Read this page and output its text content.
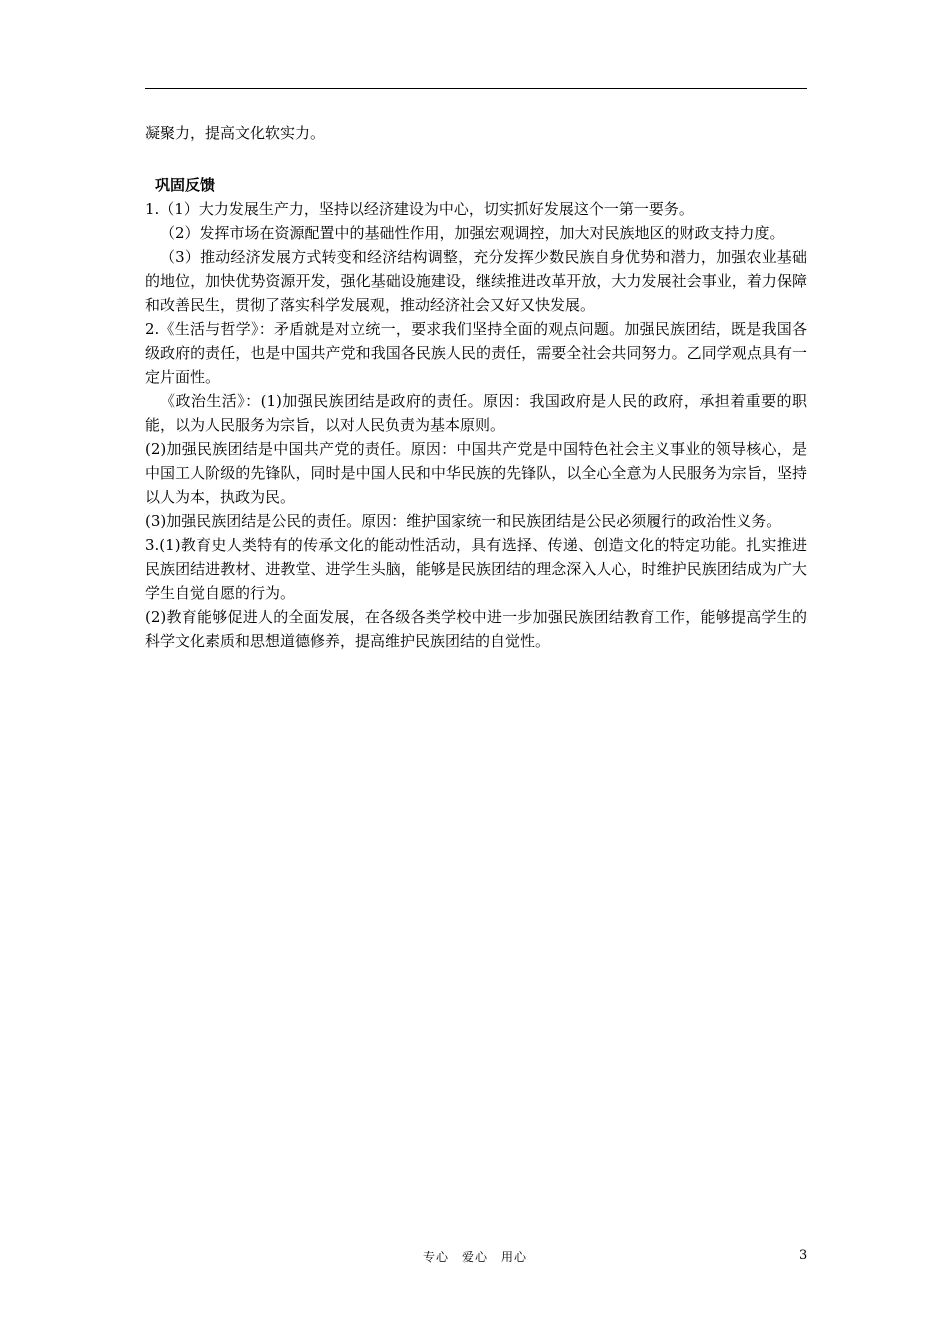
凝聚力，提高文化软实力。

巩固反馈

1.（1）大力发展生产力，坚持以经济建设为中心，切实抓好发展这个一第一要务。

（2）发挥市场在资源配置中的基础性作用，加强宏观调控，加大对民族地区的财政支持力度。

（3）推动经济发展方式转变和经济结构调整，充分发挥少数民族自身优势和潜力，加强农业基础的地位，加快优势资源开发，强化基础设施建设，继续推进改革开放，大力发展社会事业，着力保障和改善民生，贯彻了落实科学发展观，推动经济社会又好又快发展。

2.《生活与哲学》：矛盾就是对立统一，要求我们坚持全面的观点问题。加强民族团结，既是我国各级政府的责任，也是中国共产党和我国各民族人民的责任，需要全社会共同努力。乙同学观点具有一定片面性。

《政治生活》：(1)加强民族团结是政府的责任。原因：我国政府是人民的政府，承担着重要的职能，以为人民服务为宗旨，以对人民负责为基本原则。

(2)加强民族团结是中国共产党的责任。原因：中国共产党是中国特色社会主义事业的领导核心，是中国工人阶级的先锋队，同时是中国人民和中华民族的先锋队，以全心全意为人民服务为宗旨，坚持以人为本，执政为民。

(3)加强民族团结是公民的责任。原因：维护国家统一和民族团结是公民必须履行的政治性义务。

3.(1)教育史人类特有的传承文化的能动性活动，具有选择、传递、创造文化的特定功能。扎实推进民族团结进教材、进教堂、进学生头脑，能够是民族团结的理念深入人心，时维护民族团结成为广大学生自觉自愿的行为。

(2)教育能够促进人的全面发展，在各级各类学校中进一步加强民族团结教育工作，能够提高学生的科学文化素质和思想道德修养，提高维护民族团结的自觉性。

专心　爱心　用心	3
